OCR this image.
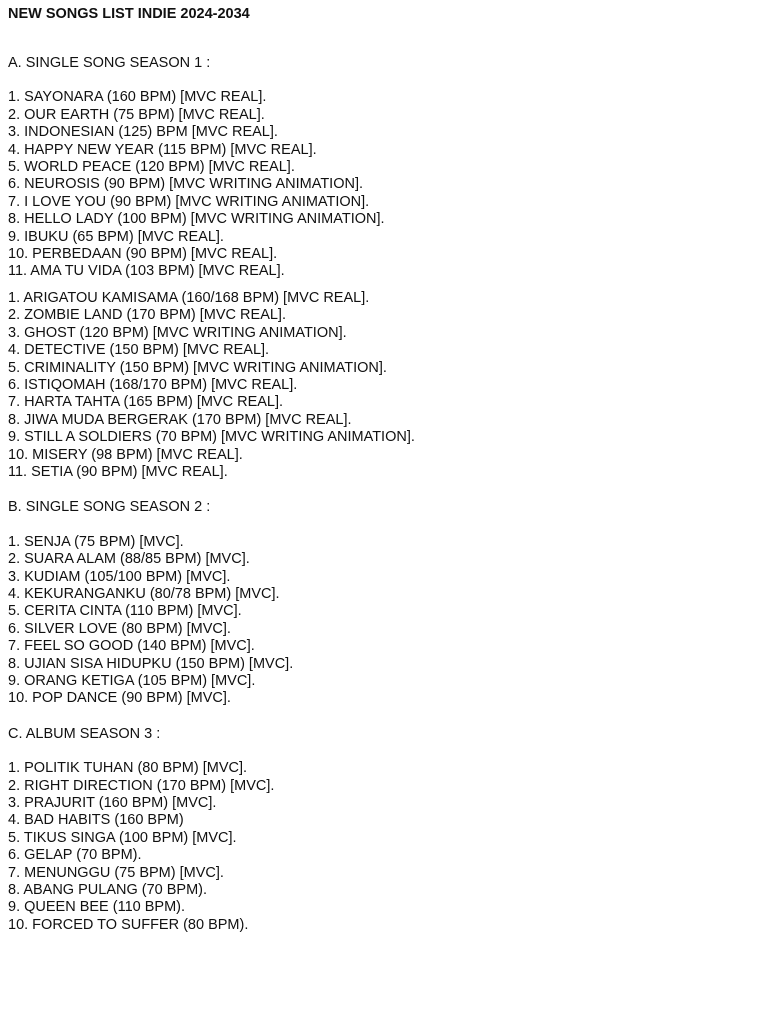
NEW SONGS LIST INDIE 2024-2034

A. SINGLE SONG SEASON 1 :

1. SAYONARA (160 BPM) [MVC REAL].
2. OUR EARTH (75 BPM) [MVC REAL].
3. INDONESIAN (125) BPM [MVC REAL].
4. HAPPY NEW YEAR (115 BPM) [MVC REAL].
5. WORLD PEACE (120 BPM) [MVC REAL].
6. NEUROSIS (90 BPM) [MVC WRITING ANIMATION].
7. I LOVE YOU (90 BPM) [MVC WRITING ANIMATION].
8. HELLO LADY (100 BPM) [MVC WRITING ANIMATION].
9. IBUKU (65 BPM) [MVC REAL].
10. PERBEDAAN (90 BPM) [MVC REAL].
11. AMA TU VIDA (103 BPM) [MVC REAL].
1. ARIGATOU KAMISAMA (160/168 BPM) [MVC REAL].
2. ZOMBIE LAND (170 BPM) [MVC REAL].
3. GHOST (120 BPM) [MVC WRITING ANIMATION].
4. DETECTIVE (150 BPM) [MVC REAL].
5. CRIMINALITY (150 BPM) [MVC WRITING ANIMATION].
6. ISTIQOMAH (168/170 BPM) [MVC REAL].
7. HARTA TAHTA (165 BPM) [MVC REAL].
8. JIWA MUDA BERGERAK (170 BPM) [MVC REAL].
9. STILL A SOLDIERS (70 BPM) [MVC WRITING ANIMATION].
10. MISERY (98 BPM) [MVC REAL].
11. SETIA (90 BPM) [MVC REAL].

B. SINGLE SONG SEASON 2 :

1. SENJA (75 BPM) [MVC].
2. SUARA ALAM (88/85 BPM) [MVC].
3. KUDIAM (105/100 BPM) [MVC].
4. KEKURANGANKU (80/78 BPM) [MVC].
5. CERITA CINTA (110 BPM) [MVC].
6. SILVER LOVE (80 BPM) [MVC].
7. FEEL SO GOOD (140 BPM) [MVC].
8. UJIAN SISA HIDUPKU (150 BPM) [MVC].
9. ORANG KETIGA (105 BPM) [MVC].
10. POP DANCE (90 BPM) [MVC].

C. ALBUM SEASON 3 :

1. POLITIK TUHAN (80 BPM) [MVC].
2. RIGHT DIRECTION (170 BPM) [MVC].
3. PRAJURIT (160 BPM) [MVC].
4. BAD HABITS (160 BPM)
5. TIKUS SINGA (100 BPM) [MVC].
6. GELAP (70 BPM).
7. MENUNGGU (75 BPM) [MVC].
8. ABANG PULANG (70 BPM).
9. QUEEN BEE (110 BPM).
10. FORCED TO SUFFER (80 BPM).
